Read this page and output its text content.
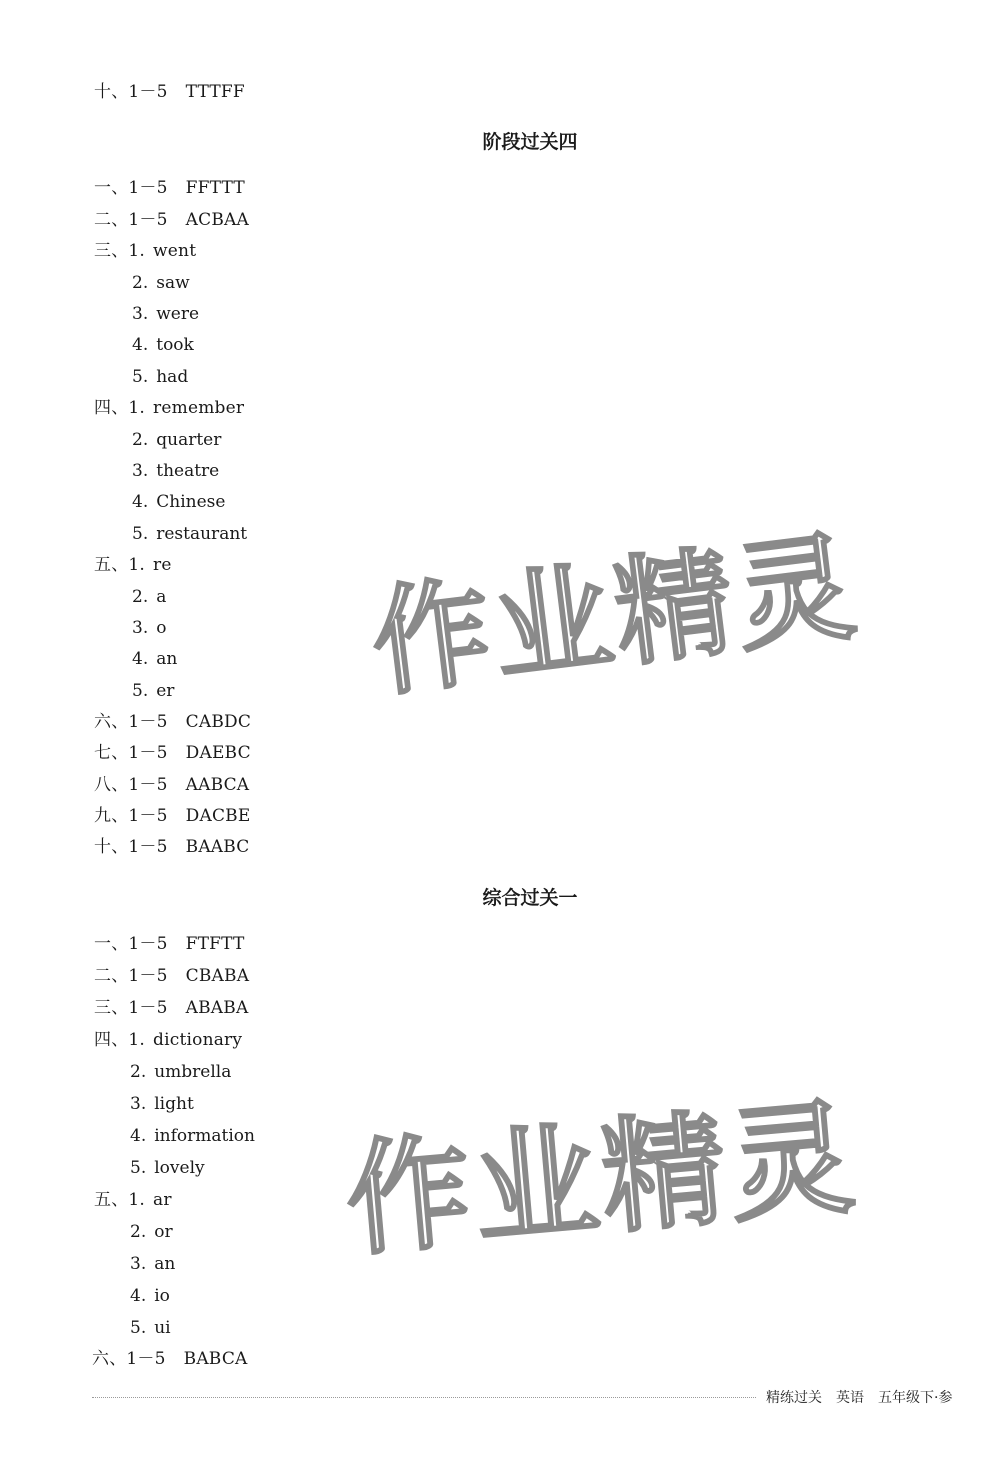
十、1－5 TTTFF
阶段过关四
一、1－5 FFTTT
二、1－5 ACBAA
三、1. went
2. saw
3. were
4. took
5. had
四、1. remember
2. quarter
3. theatre
4. Chinese
5. restaurant
五、1. re
2. a
3. o
4. an
5. er
六、1－5 CABDC
七、1－5 DAEBC
八、1－5 AABCA
九、1－5 DACBE
十、1－5 BAABC
综合过关一
一、1－5 FTFTT
二、1－5 CBABA
三、1－5 ABABA
四、1. dictionary
2. umbrella
3. light
4. information
5. lovely
五、1. ar
2. or
3. an
4. io
5. ui
六、1－5 BABCA
作业精灵
作业精灵
精练过关 英语 五年级下·参
